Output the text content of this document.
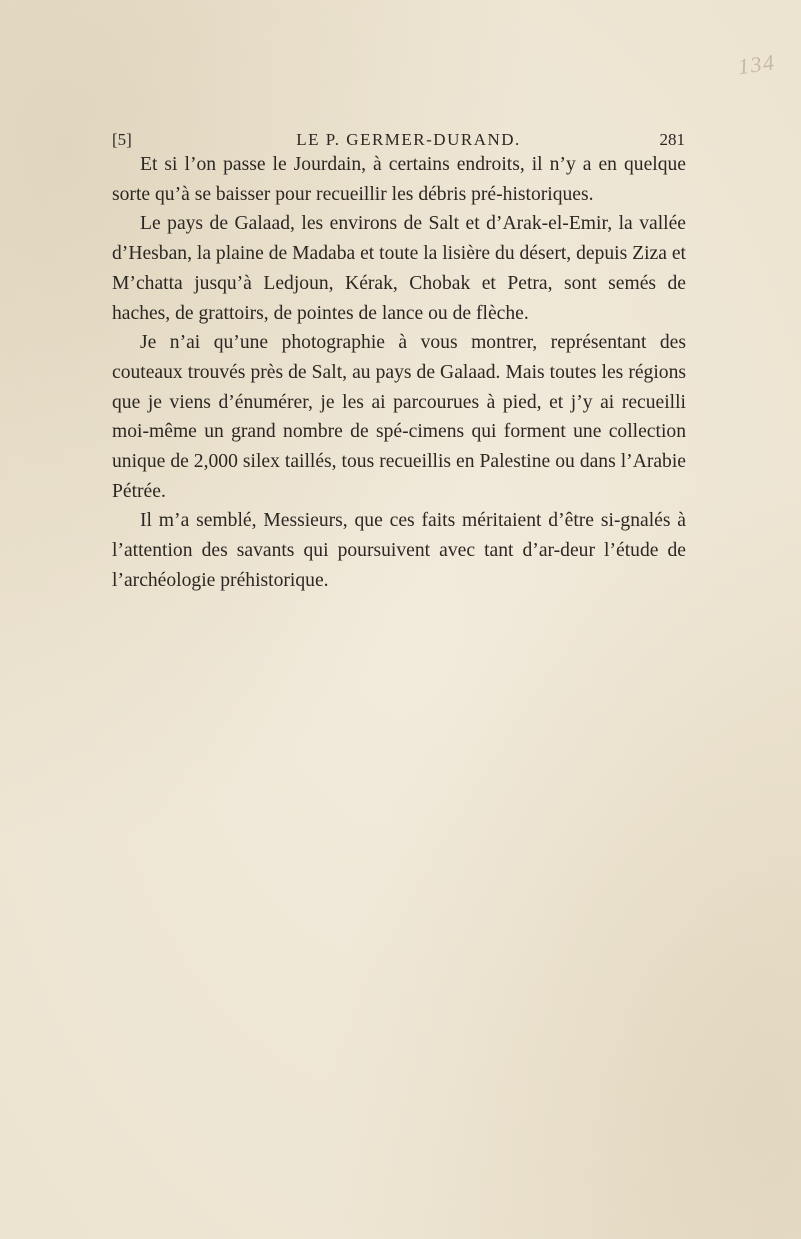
1 3 4
[5]	LE P. GERMER-DURAND.	281

Et si l’on passe le Jourdain, à certains endroits, il n’y a en quelque sorte qu’à se baisser pour recueillir les débris pré-historiques.

Le pays de Galaad, les environs de Salt et d’Arak-el-Emir, la vallée d’Hesban, la plaine de Madaba et toute la lisière du désert, depuis Ziza et M’chatta jusqu’à Ledjoun, Kérak, Chobak et Petra, sont semés de haches, de grattoirs, de pointes de lance ou de flèche.

Je n’ai qu’une photographie à vous montrer, représentant des couteaux trouvés près de Salt, au pays de Galaad. Mais toutes les régions que je viens d’énumérer, je les ai parcourues à pied, et j’y ai recueilli moi-même un grand nombre de spé-cimens qui forment une collection unique de 2,000 silex taillés, tous recueillis en Palestine ou dans l’Arabie Pétrée.

Il m’a semblé, Messieurs, que ces faits méritaient d’être si-gnalés à l’attention des savants qui poursuivent avec tant d’ar-deur l’étude de l’archéologie préhistorique.
